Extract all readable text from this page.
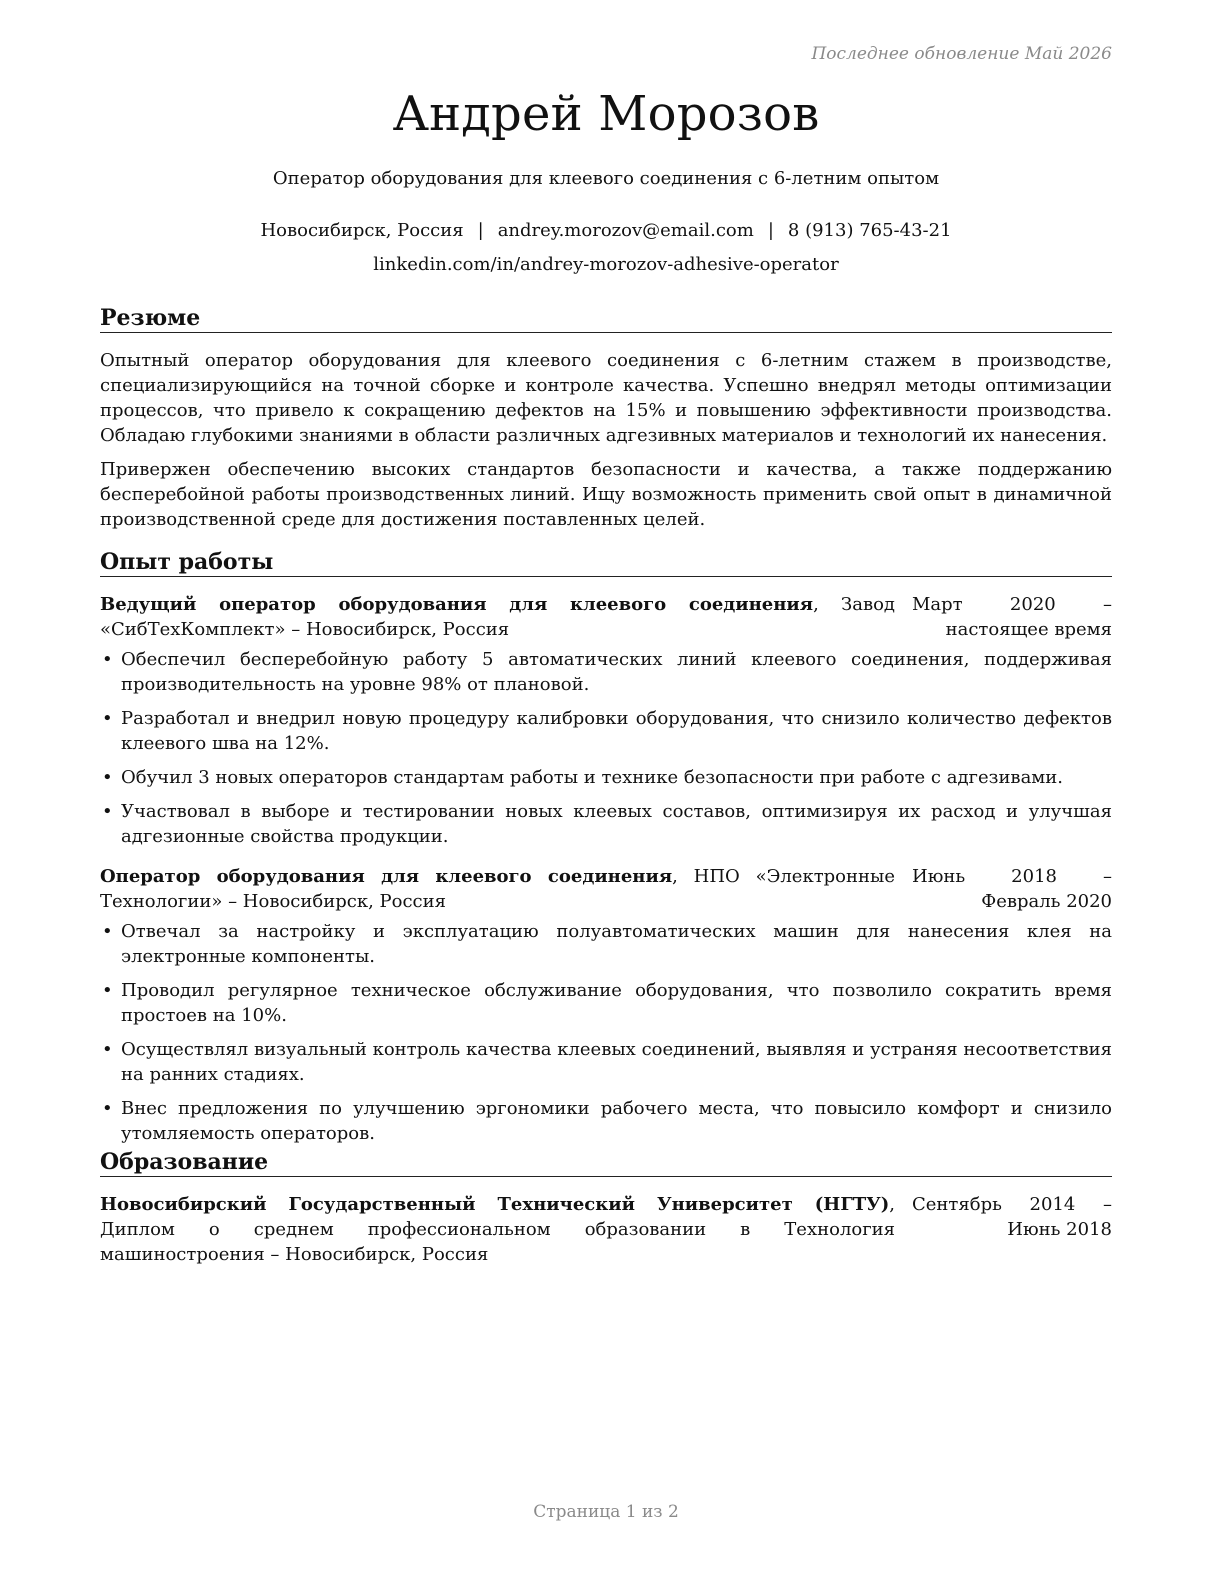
Последнее обновление Май 2026
Андрей Морозов
Оператор оборудования для клеевого соединения с 6-летним опытом
Новосибирск, Россия | andrey.morozov@email.com | 8 (913) 765-43-21
linkedin.com/in/andrey-morozov-adhesive-operator
Резюме

Опытный оператор оборудования для клеевого соединения с 6-летним стажем в производстве, специализирующийся на точной сборке и контроле качества. Успешно внедрял методы оптимизации процессов, что привело к сокращению дефектов на 15% и повышению эффективности производства. Обладаю глубокими знаниями в области различных адгезивных материалов и технологий их нанесения.

Привержен обеспечению высоких стандартов безопасности и качества, а также поддержанию бесперебойной работы производственных линий. Ищу возможность применить свой опыт в динамичной производственной среде для достижения поставленных целей.

Опыт работы
Ведущий оператор оборудования для клеевого соединения, Завод «СибТехКомплект» – Новосибирск, Россия
Март 2020 – настоящее время
• Обеспечил бесперебойную работу 5 автоматических линий клеевого соединения, поддерживая производительность на уровне 98% от плановой.
• Разработал и внедрил новую процедуру калибровки оборудования, что снизило количество дефектов клеевого шва на 12%.
• Обучил 3 новых операторов стандартам работы и технике безопасности при работе с адгезивами.
• Участвовал в выборе и тестировании новых клеевых составов, оптимизируя их расход и улучшая адгезионные свойства продукции.
Оператор оборудования для клеевого соединения, НПО «Электронные Технологии» – Новосибирск, Россия
Июнь 2018 – Февраль 2020
• Отвечал за настройку и эксплуатацию полуавтоматических машин для нанесения клея на электронные компоненты.
• Проводил регулярное техническое обслуживание оборудования, что позволило сократить время простоев на 10%.
• Осуществлял визуальный контроль качества клеевых соединений, выявляя и устраняя несоответствия на ранних стадиях.
• Внес предложения по улучшению эргономики рабочего места, что повысило комфорт и снизило утомляемость операторов.
Образование
Новосибирский Государственный Технический Университет (НГТУ), Диплом о среднем профессиональном образовании в Технология машиностроения – Новосибирск, Россия
Сентябрь 2014 – Июнь 2018
Страница 1 из 2
